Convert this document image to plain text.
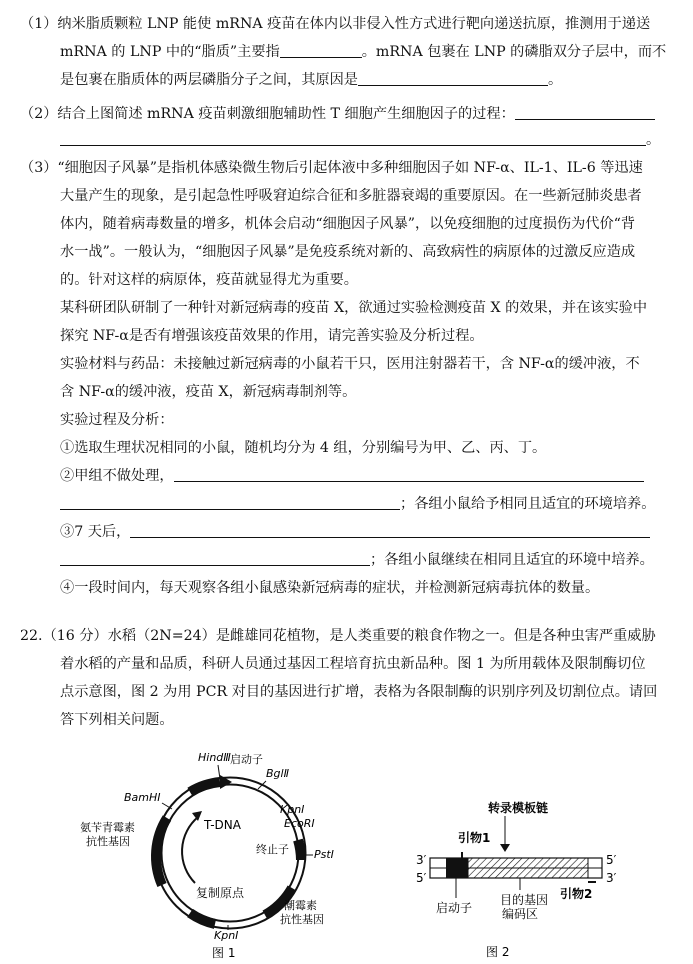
（1）纳米脂质颗粒 LNP 能使 mRNA 疫苗在体内以非侵入性方式进行靶向递送抗原，推测用于递送
mRNA 的 LNP 中的“脂质”主要指	。mRNA 包裹在 LNP 的磷脂双分子层中，而不
是包裹在脂质体的两层磷脂分子之间，其原因是	。
（2）结合上图简述 mRNA 疫苗刺激细胞辅助性 T 细胞产生细胞因子的过程：
。
（3）“细胞因子风暴”是指机体感染微生物后引起体液中多种细胞因子如 NF-α、IL-1、IL-6 等迅速
大量产生的现象，是引起急性呼吸窘迫综合征和多脏器衰竭的重要原因。在一些新冠肺炎患者
体内，随着病毒数量的增多，机体会启动“细胞因子风暴”，以免疫细胞的过度损伤为代价“背
水一战”。一般认为，“细胞因子风暴”是免疫系统对新的、高致病性的病原体的过激反应造成
的。针对这样的病原体，疫苗就显得尤为重要。
某科研团队研制了一种针对新冠病毒的疫苗 X，欲通过实验检测疫苗 X 的效果，并在该实验中
探究 NF-α是否有增强该疫苗效果的作用，请完善实验及分析过程。
实验材料与药品：未接触过新冠病毒的小鼠若干只，医用注射器若干，含 NF-α的缓冲液，不
含 NF-α的缓冲液，疫苗 X，新冠病毒制剂等。
实验过程及分析：
①选取生理状况相同的小鼠，随机均分为 4 组，分别编号为甲、乙、丙、丁。
②甲组不做处理，
；各组小鼠给予相同且适宜的环境培养。
③7 天后，
；各组小鼠继续在相同且适宜的环境中培养。
④一段时间内，每天观察各组小鼠感染新冠病毒的症状，并检测新冠病毒抗体的数量。
22.（16 分）水稻（2N=24）是雌雄同花植物，是人类重要的粮食作物之一。但是各种虫害严重威胁
着水稻的产量和品质，科研人员通过基因工程培育抗虫新品种。图 1 为所用载体及限制酶切位
点示意图，图 2 为用 PCR 对目的基因进行扩增，表格为各限制酶的识别序列及切割位点。请回
答下列相关问题。
HindⅢ 启动子
BglⅡ
BamHⅠ
KpnⅠ
EcoRⅠ
T-DNA
氨苄青霉素
抗性基因
终止子 PstⅠ
复制原点
潮霉素
抗性基因
KpnⅠ
图 1
转录模板链
引物1
3′
5′
5′
3′
引物2
目的基因
编码区
启动子
图 2
